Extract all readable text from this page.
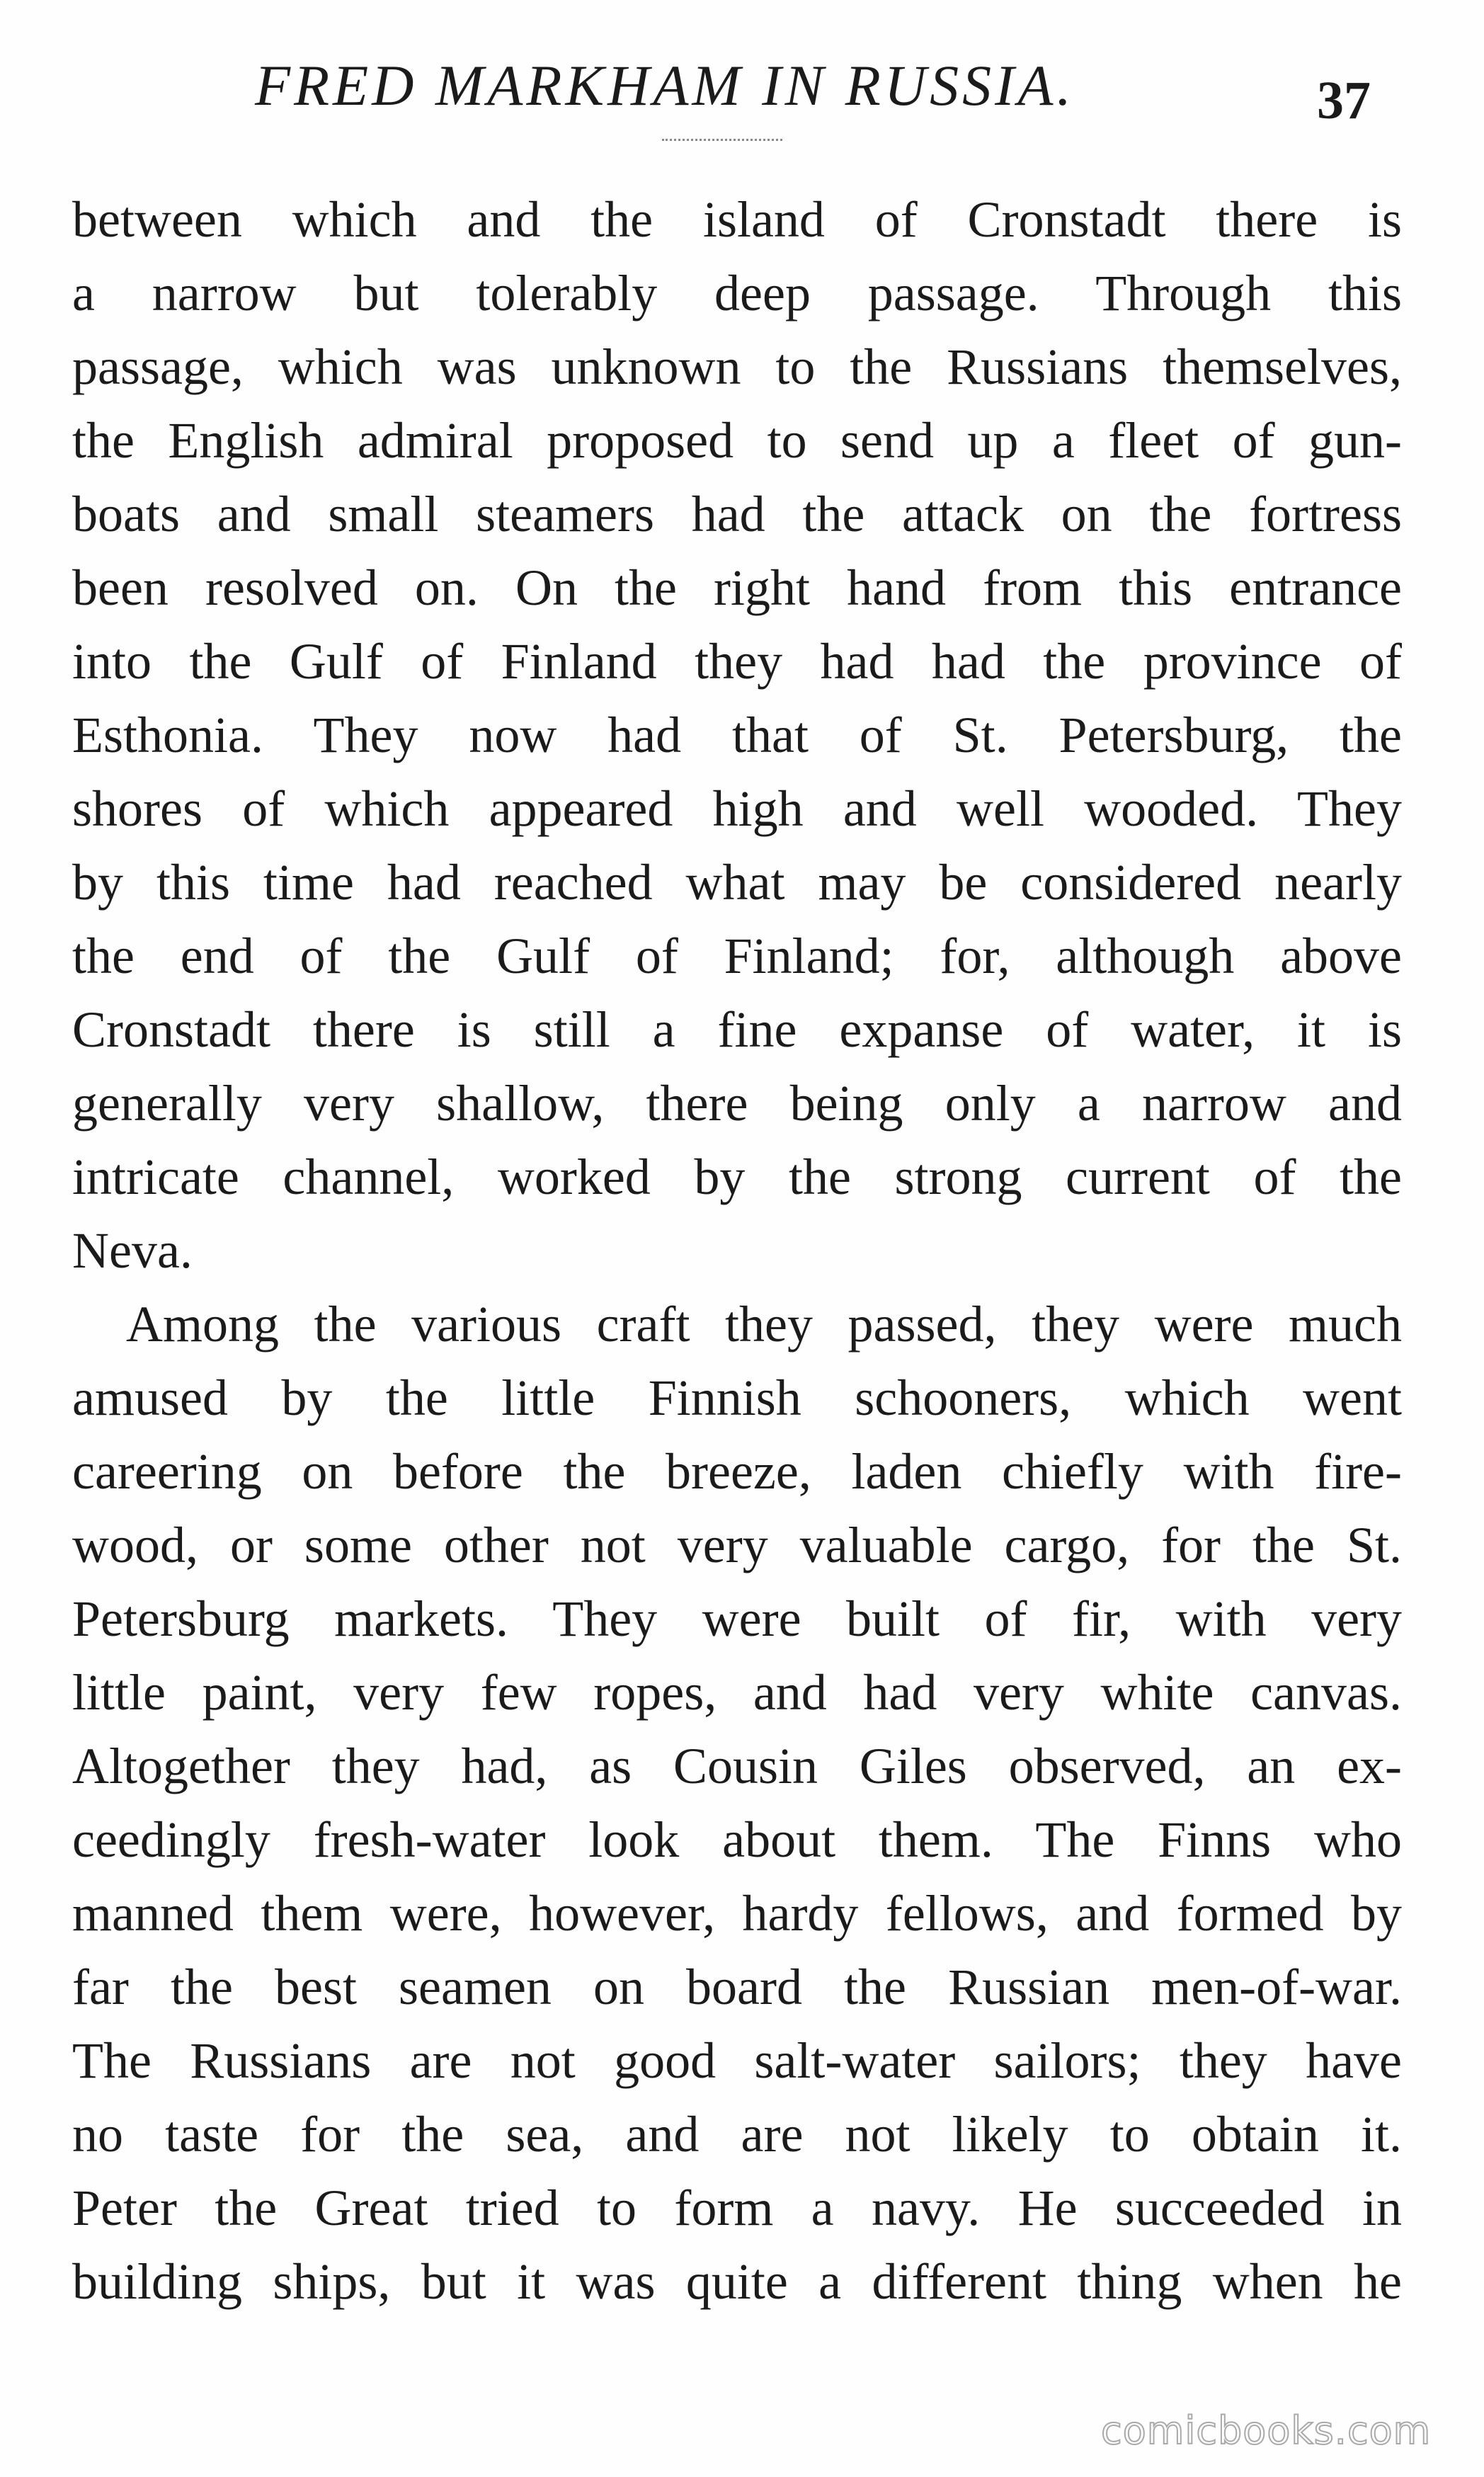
FRED MARKHAM IN RUSSIA.	37
between which and the island of Cronstadt there is
a narrow but tolerably deep passage. Through this
passage, which was unknown to the Russians themselves,
the English admiral proposed to send up a fleet of gun-
boats and small steamers had the attack on the fortress
been resolved on. On the right hand from this entrance
into the Gulf of Finland they had had the province of
Esthonia. They now had that of St. Petersburg, the
shores of which appeared high and well wooded. They
by this time had reached what may be considered nearly
the end of the Gulf of Finland; for, although above
Cronstadt there is still a fine expanse of water, it is
generally very shallow, there being only a narrow and
intricate channel, worked by the strong current of the
Neva.
Among the various craft they passed, they were much
amused by the little Finnish schooners, which went
careering on before the breeze, laden chiefly with fire-
wood, or some other not very valuable cargo, for the St.
Petersburg markets. They were built of fir, with very
little paint, very few ropes, and had very white canvas.
Altogether they had, as Cousin Giles observed, an ex-
ceedingly fresh-water look about them. The Finns who
manned them were, however, hardy fellows, and formed by
far the best seamen on board the Russian men-of-war.
The Russians are not good salt-water sailors; they have
no taste for the sea, and are not likely to obtain it.
Peter the Great tried to form a navy. He succeeded in
building ships, but it was quite a different thing when he
comicbooks.com
